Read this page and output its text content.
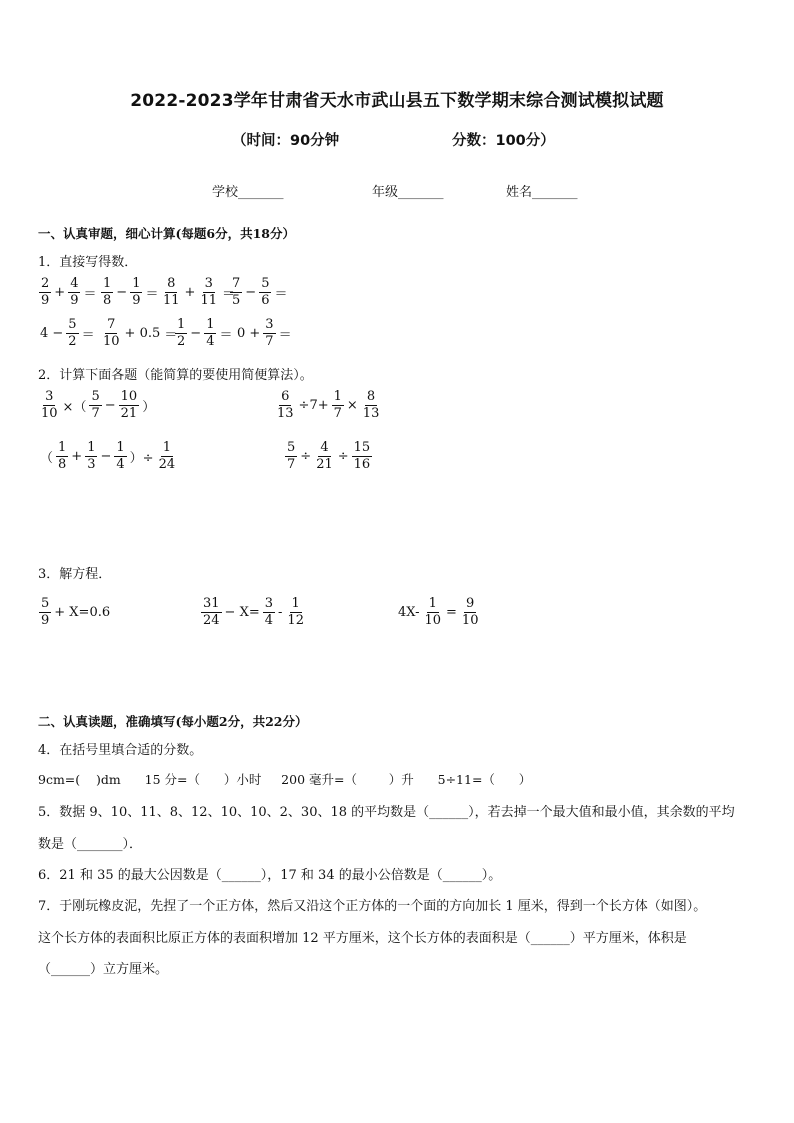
2022-2023学年甘肃省天水市武山县五下数学期末综合测试模拟试题
（时间：90分钟	分数：100分）
学校_______	年级_______	姓名_______
一、认真审题，细心计算(每题6分，共18分）
1．直接写得数．
$\frac{2}{9} + \frac{4}{9} = \frac{1}{8} - \frac{1}{9} = \frac{8}{11} + \frac{3}{11}$ ＝
$\frac{7}{5} - \frac{5}{6}$ ＝
$4 - \frac{5}{2} = \frac{7}{10} + 0.5$ ＝
$\frac{1}{2} - \frac{1}{4} = 0 + \frac{3}{7}$ ＝
2．计算下面各题（能简算的要使用简便算法）。
$\frac{3}{10}$ ×（ $\frac{5}{7} - \frac{10}{21}$ ）	$\frac{6}{13} \div 7+ \frac{1}{7} \times \frac{8}{13}$
（ $\frac{1}{8} + \frac{1}{3} - \frac{1}{4}$ ）÷ $\frac{1}{24}$	$\frac{5}{7} \div \frac{4}{21} \div \frac{15}{16}$
3．解方程．
$\frac{5}{9} + X=0.6$	$\frac{31}{24} - X= \frac{3}{4} - \frac{1}{12}$	$4X- \frac{1}{10} = \frac{9}{10}$
二、认真读题，准确填写(每小题2分，共22分）
4．在括号里填合适的分数。
9cm=(    )dm      15 分=（      ）小时     200 毫升=（        ）升      5÷11=（      ）
5．数据 9、10、11、8、12、10、10、2、30、18 的平均数是（______），若去掉一个最大值和最小值，其余数的平均
数是（_______）．
6．21 和 35 的最大公因数是（______），17 和 34 的最小公倍数是（______）。
7．于刚玩橡皮泥，先捏了一个正方体，然后又沿这个正方体的一个面的方向加长 1 厘米，得到一个长方体（如图）。
这个长方体的表面积比原正方体的表面积增加 12 平方厘米，这个长方体的表面积是（______）平方厘米，体积是
（______）立方厘米。
